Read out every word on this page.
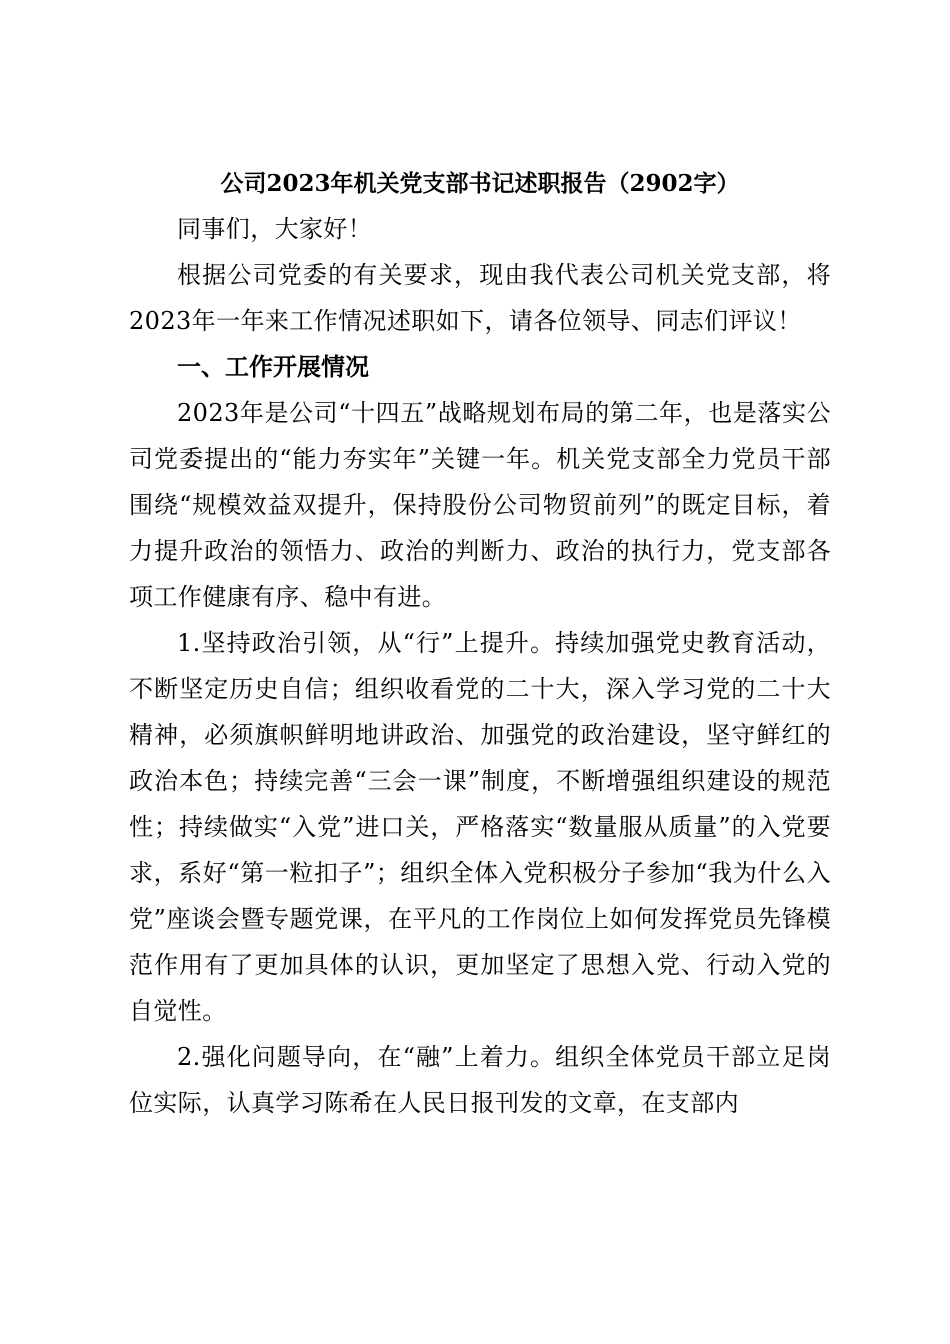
公司2023年机关党支部书记述职报告（2902字）

同事们，大家好！

根据公司党委的有关要求，现由我代表公司机关党支部，将2023年一年来工作情况述职如下，请各位领导、同志们评议！

一、工作开展情况

2023年是公司“十四五”战略规划布局的第二年，也是落实公司党委提出的“能力夯实年”关键一年。机关党支部全力党员干部围绕“规模效益双提升，保持股份公司物贸前列”的既定目标，着力提升政治的领悟力、政治的判断力、政治的执行力，党支部各项工作健康有序、稳中有进。

1.坚持政治引领，从“行”上提升。持续加强党史教育活动，不断坚定历史自信；组织收看党的二十大，深入学习党的二十大精神，必须旗帜鲜明地讲政治、加强党的政治建设，坚守鲜红的政治本色；持续完善“三会一课”制度，不断增强组织建设的规范性；持续做实“入党”进口关，严格落实“数量服从质量”的入党要求，系好“第一粒扣子”；组织全体入党积极分子参加“我为什么入党”座谈会暨专题党课，在平凡的工作岗位上如何发挥党员先锋模范作用有了更加具体的认识，更加坚定了思想入党、行动入党的自觉性。

2.强化问题导向，在“融”上着力。组织全体党员干部立足岗位实际，认真学习陈希在人民日报刊发的文章，在支部内
